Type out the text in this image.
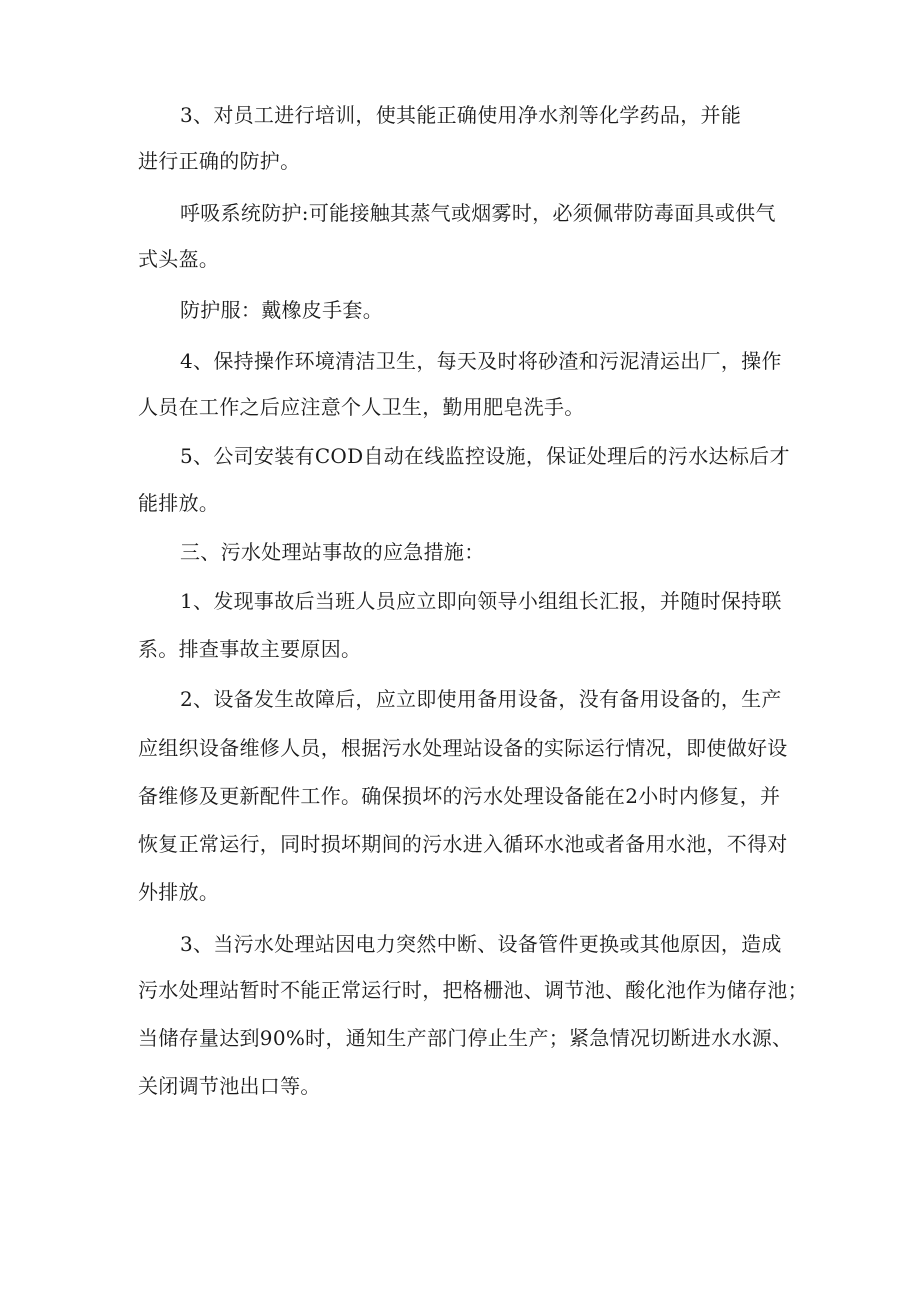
3、对员工进行培训，使其能正确使用净水剂等化学药品，并能
进行正确的防护。
呼吸系统防护:可能接触其蒸气或烟雾时，必须佩带防毒面具或供气
式头盔。
防护服：戴橡皮手套。
4、保持操作环境清洁卫生，每天及时将砂渣和污泥清运出厂，操作
人员在工作之后应注意个人卫生，勤用肥皂洗手。
5、公司安装有COD自动在线监控设施，保证处理后的污水达标后才
能排放。
三、污水处理站事故的应急措施：
1、发现事故后当班人员应立即向领导小组组长汇报，并随时保持联
系。排查事故主要原因。
2、设备发生故障后，应立即使用备用设备，没有备用设备的，生产
应组织设备维修人员，根据污水处理站设备的实际运行情况，即使做好设
备维修及更新配件工作。确保损坏的污水处理设备能在2小时内修复，并
恢复正常运行，同时损坏期间的污水进入循环水池或者备用水池，不得对
外排放。
3、当污水处理站因电力突然中断、设备管件更换或其他原因，造成
污水处理站暂时不能正常运行时，把格栅池、调节池、酸化池作为储存池；
当储存量达到90%时，通知生产部门停止生产；紧急情况切断进水水源、
关闭调节池出口等。
